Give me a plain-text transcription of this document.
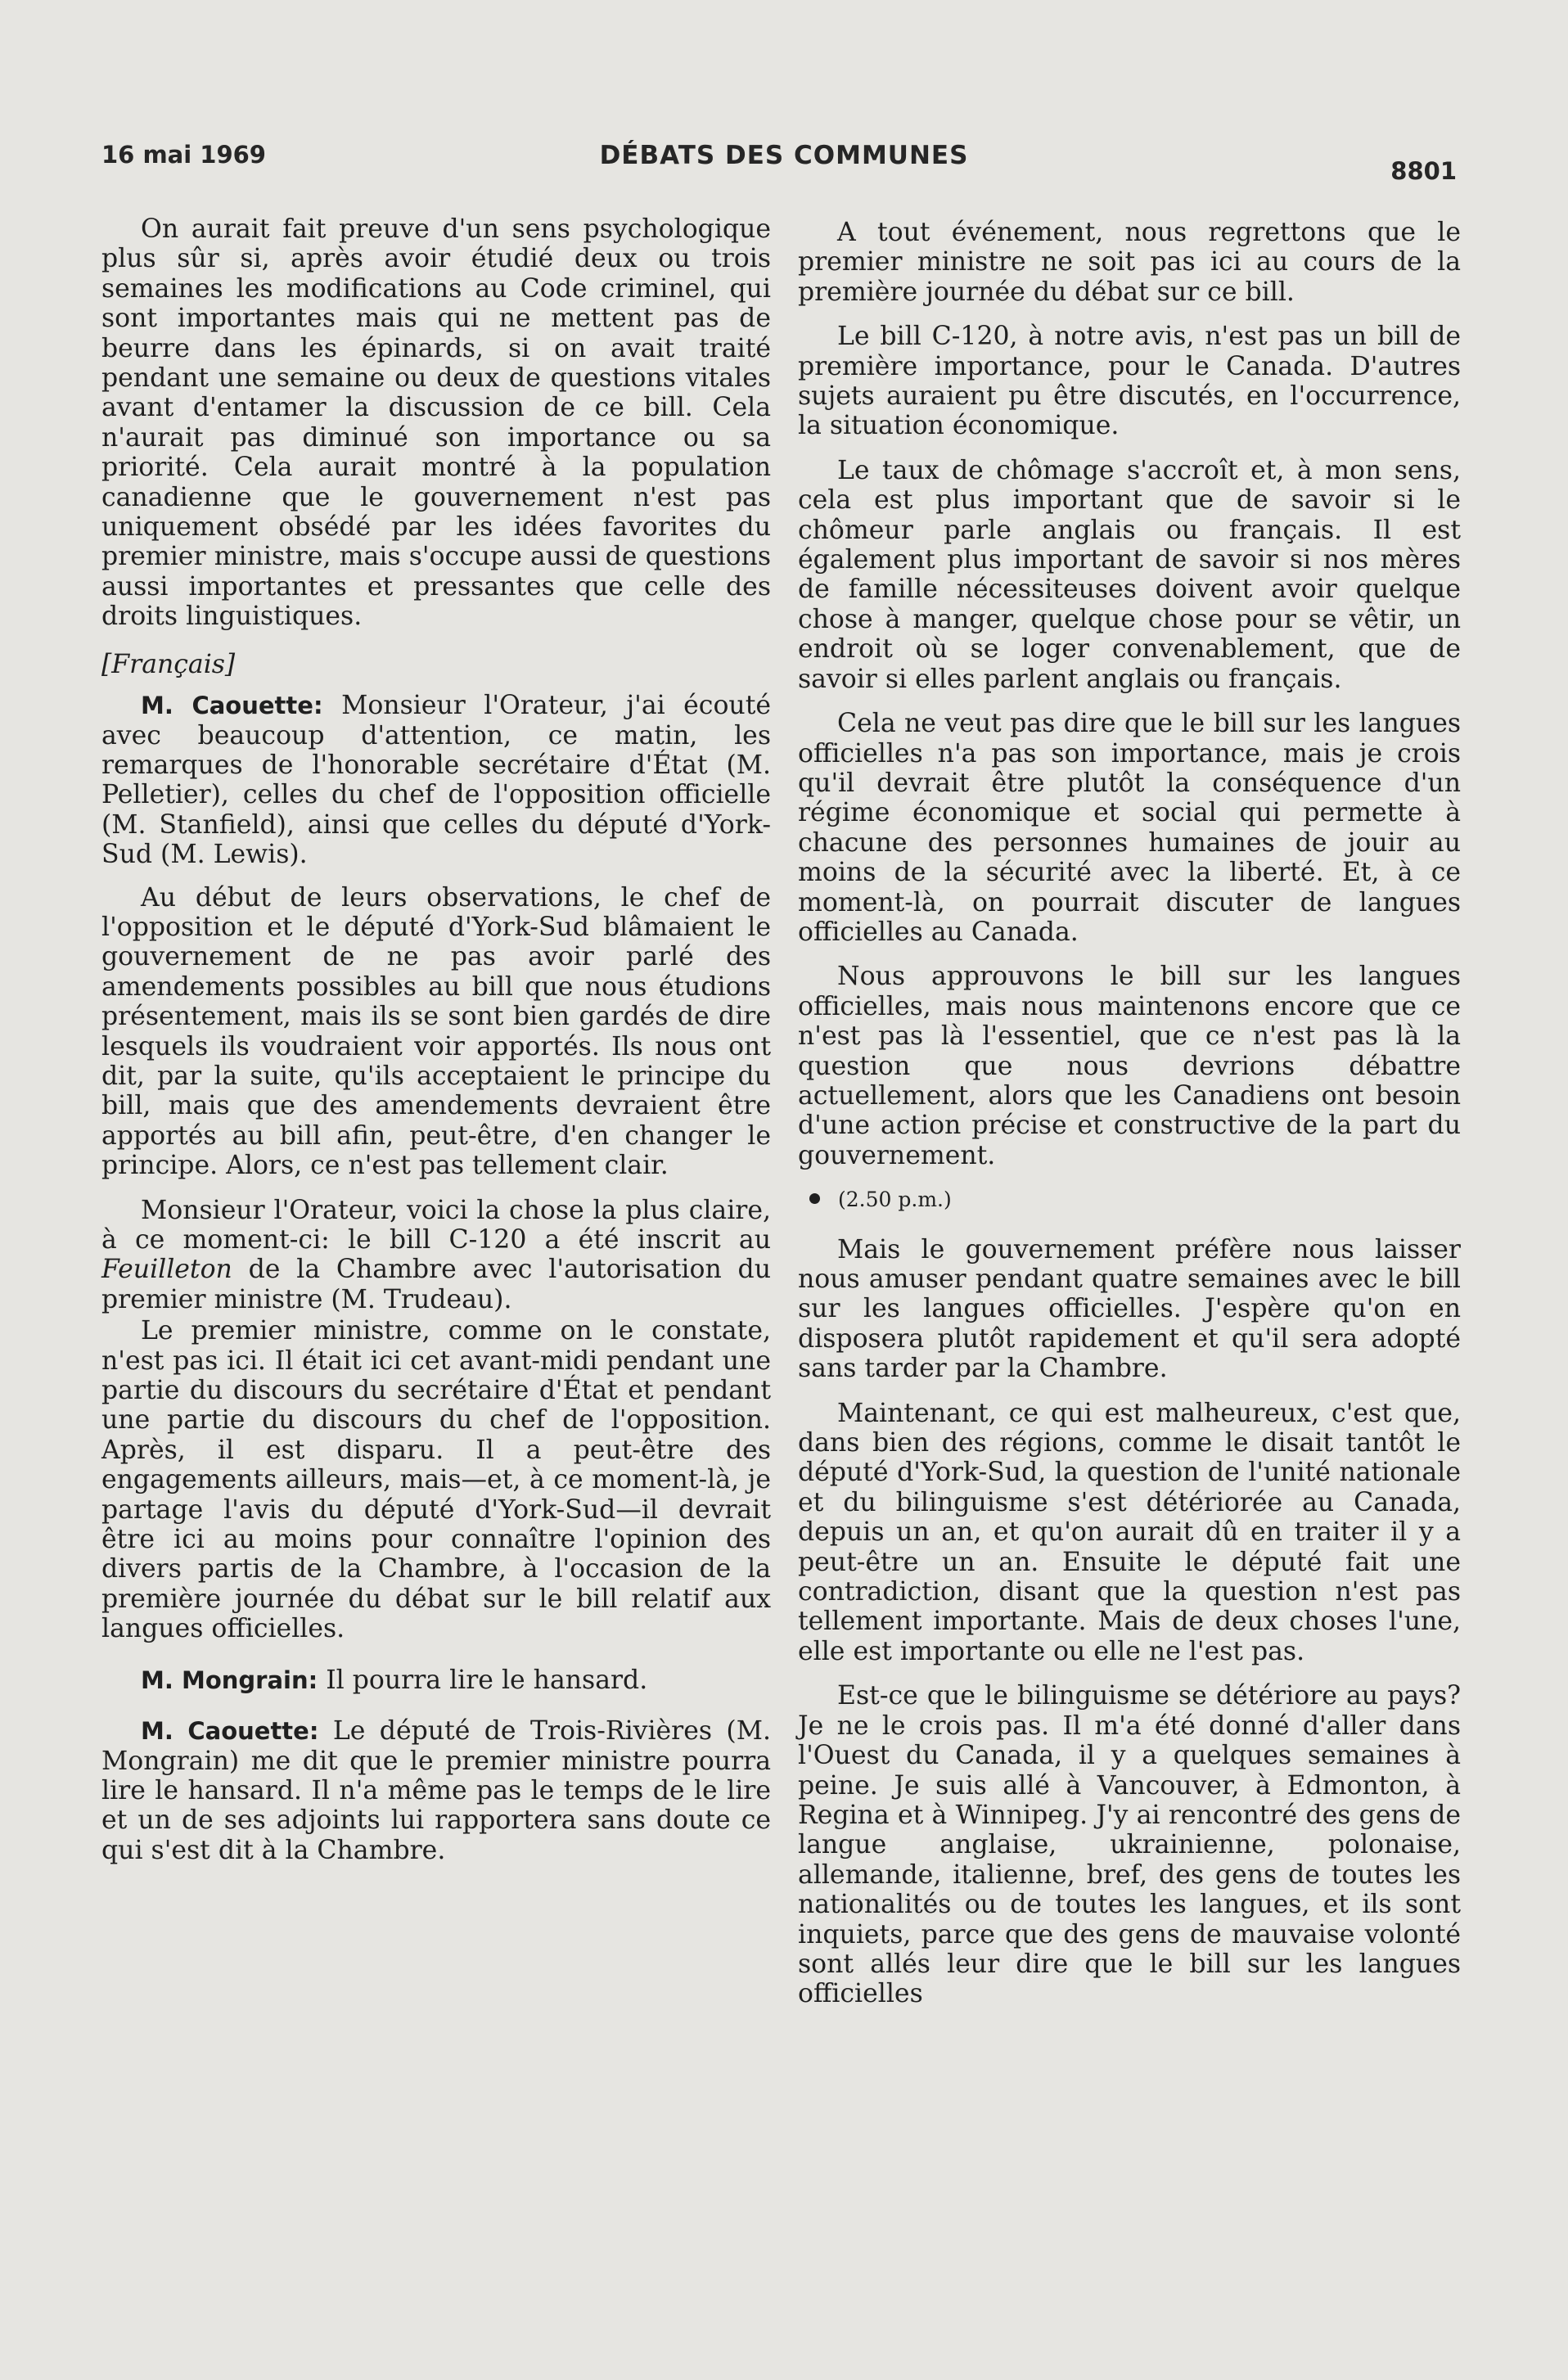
16 mai 1969	DÉBATS DES COMMUNES
8801

On aurait fait preuve d'un sens psychologique plus sûr si, après avoir étudié deux ou trois semaines les modifications au Code criminel, qui sont importantes mais qui ne mettent pas de beurre dans les épinards, si on avait traité pendant une semaine ou deux de questions vitales avant d'entamer la discussion de ce bill. Cela n'aurait pas diminué son importance ou sa priorité. Cela aurait montré à la population canadienne que le gouvernement n'est pas uniquement obsédé par les idées favorites du premier ministre, mais s'occupe aussi de questions aussi importantes et pressantes que celle des droits linguistiques.

[Français]

M. Caouette: Monsieur l'Orateur, j'ai écouté avec beaucoup d'attention, ce matin, les remarques de l'honorable secrétaire d'État (M. Pelletier), celles du chef de l'opposition officielle (M. Stanfield), ainsi que celles du député d'York-Sud (M. Lewis).

Au début de leurs observations, le chef de l'opposition et le député d'York-Sud blâmaient le gouvernement de ne pas avoir parlé des amendements possibles au bill que nous étudions présentement, mais ils se sont bien gardés de dire lesquels ils voudraient voir apportés. Ils nous ont dit, par la suite, qu'ils acceptaient le principe du bill, mais que des amendements devraient être apportés au bill afin, peut-être, d'en changer le principe. Alors, ce n'est pas tellement clair.

Monsieur l'Orateur, voici la chose la plus claire, à ce moment-ci: le bill C-120 a été inscrit au Feuilleton de la Chambre avec l'autorisation du premier ministre (M. Trudeau).

Le premier ministre, comme on le constate, n'est pas ici. Il était ici cet avant-midi pendant une partie du discours du secrétaire d'État et pendant une partie du discours du chef de l'opposition. Après, il est disparu. Il a peut-être des engagements ailleurs, mais—et, à ce moment-là, je partage l'avis du député d'York-Sud—il devrait être ici au moins pour connaître l'opinion des divers partis de la Chambre, à l'occasion de la première journée du débat sur le bill relatif aux langues officielles.

M. Mongrain: Il pourra lire le hansard.

M. Caouette: Le député de Trois-Rivières (M. Mongrain) me dit que le premier ministre pourra lire le hansard. Il n'a même pas le temps de le lire et un de ses adjoints lui rapportera sans doute ce qui s'est dit à la Chambre.

A tout événement, nous regrettons que le premier ministre ne soit pas ici au cours de la première journée du débat sur ce bill.

Le bill C-120, à notre avis, n'est pas un bill de première importance, pour le Canada. D'autres sujets auraient pu être discutés, en l'occurrence, la situation économique.

Le taux de chômage s'accroît et, à mon sens, cela est plus important que de savoir si le chômeur parle anglais ou français. Il est également plus important de savoir si nos mères de famille nécessiteuses doivent avoir quelque chose à manger, quelque chose pour se vêtir, un endroit où se loger convenablement, que de savoir si elles parlent anglais ou français.

Cela ne veut pas dire que le bill sur les langues officielles n'a pas son importance, mais je crois qu'il devrait être plutôt la conséquence d'un régime économique et social qui permette à chacune des personnes humaines de jouir au moins de la sécurité avec la liberté. Et, à ce moment-là, on pourrait discuter de langues officielles au Canada.

Nous approuvons le bill sur les langues officielles, mais nous maintenons encore que ce n'est pas là l'essentiel, que ce n'est pas là la question que nous devrions débattre actuellement, alors que les Canadiens ont besoin d'une action précise et constructive de la part du gouvernement.

(2.50 p.m.)

Mais le gouvernement préfère nous laisser nous amuser pendant quatre semaines avec le bill sur les langues officielles. J'espère qu'on en disposera plutôt rapidement et qu'il sera adopté sans tarder par la Chambre.

Maintenant, ce qui est malheureux, c'est que, dans bien des régions, comme le disait tantôt le député d'York-Sud, la question de l'unité nationale et du bilinguisme s'est détériorée au Canada, depuis un an, et qu'on aurait dû en traiter il y a peut-être un an. Ensuite le député fait une contradiction, disant que la question n'est pas tellement importante. Mais de deux choses l'une, elle est importante ou elle ne l'est pas.

Est-ce que le bilinguisme se détériore au pays? Je ne le crois pas. Il m'a été donné d'aller dans l'Ouest du Canada, il y a quelques semaines à peine. Je suis allé à Vancouver, à Edmonton, à Regina et à Winnipeg. J'y ai rencontré des gens de langue anglaise, ukrainienne, polonaise, allemande, italienne, bref, des gens de toutes les nationalités ou de toutes les langues, et ils sont inquiets, parce que des gens de mauvaise volonté sont allés leur dire que le bill sur les langues officielles
